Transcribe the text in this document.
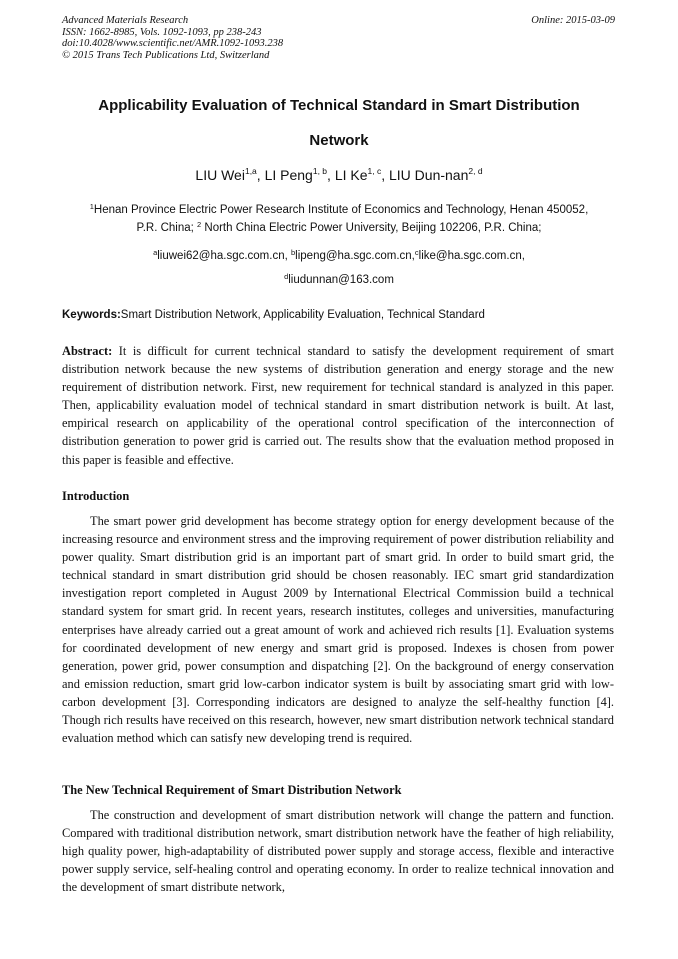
Advanced Materials Research
ISSN: 1662-8985, Vols. 1092-1093, pp 238-243
doi:10.4028/www.scientific.net/AMR.1092-1093.238
© 2015 Trans Tech Publications Ltd, Switzerland
Online: 2015-03-09
Applicability Evaluation of Technical Standard in Smart Distribution
Network
LIU Wei$^{1,a}$, LI Peng$^{1, b}$, LI Ke$^{1, c}$, LIU Dun-nan$^{2, d}$
$^1$Henan Province Electric Power Research Institute of Economics and Technology, Henan 450052,
P.R. China; $^2$ North China Electric Power University, Beijing 102206, P.R. China;
$^a$liuwei62@ha.sgc.com.cn, $^b$lipeng@ha.sgc.com.cn,$^c$like@ha.sgc.com.cn,
$^d$liudunnan@163.com
Keywords:Smart Distribution Network, Applicability Evaluation, Technical Standard

Abstract: It is difficult for current technical standard to satisfy the development requirement of smart distribution network because the new systems of distribution generation and energy storage and the new requirement of distribution network. First, new requirement for technical standard is analyzed in this paper. Then, applicability evaluation model of technical standard in smart distribution network is built. At last, empirical research on applicability of the operational control specification of the interconnection of distribution generation to power grid is carried out. The results show that the evaluation method proposed in this paper is feasible and effective.

Introduction

The smart power grid development has become strategy option for energy development because of the increasing resource and environment stress and the improving requirement of power distribution reliability and power quality. Smart distribution grid is an important part of smart grid. In order to build smart grid, the technical standard in smart distribution grid should be chosen reasonably. IEC smart grid standardization investigation report completed in August 2009 by International Electrical Commission build a technical standard system for smart grid. In recent years, research institutes, colleges and universities, manufacturing enterprises have already carried out a great amount of work and achieved rich results [1]. Evaluation systems for coordinated development of new energy and smart grid is proposed. Indexes is chosen from power generation, power grid, power consumption and dispatching [2]. On the background of energy conservation and emission reduction, smart grid low-carbon indicator system is built by associating smart grid with low-carbon development [3]. Corresponding indicators are designed to analyze the self-healthy function [4]. Though rich results have received on this research, however, new smart distribution network technical standard evaluation method which can satisfy new developing trend is required.

The New Technical Requirement of Smart Distribution Network

The construction and development of smart distribution network will change the pattern and function. Compared with traditional distribution network, smart distribution network have the feather of high reliability, high quality power, high-adaptability of distributed power supply and storage access, flexible and interactive power supply service, self-healing control and operating economy. In order to realize technical innovation and the development of smart distribute network,
